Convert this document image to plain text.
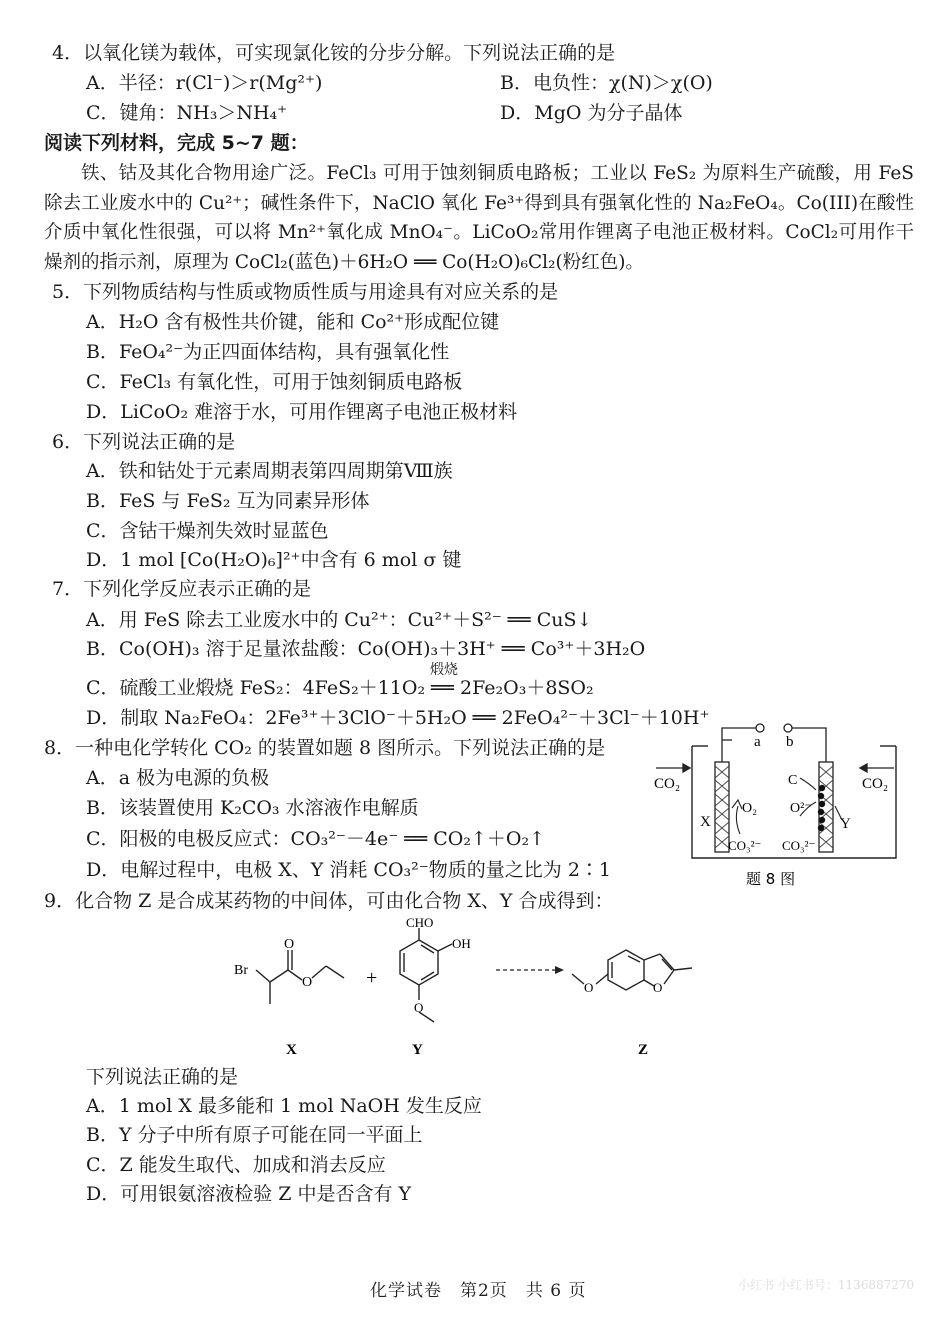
4．以氧化镁为载体，可实现氯化铵的分步分解。下列说法正确的是
A．半径：r(Cl⁻)＞r(Mg²⁺)	B．电负性：χ(N)＞χ(O)
C．键角：NH₃＞NH₄⁺	D．MgO 为分子晶体
阅读下列材料，完成 5~7 题：

铁、钴及其化合物用途广泛。FeCl₃ 可用于蚀刻铜质电路板；工业以 FeS₂ 为原料生产硫酸，用 FeS 除去工业废水中的 Cu²⁺；碱性条件下，NaClO 氧化 Fe³⁺得到具有强氧化性的 Na₂FeO₄。Co(III)在酸性介质中氧化性很强，可以将 Mn²⁺氧化成 MnO₄⁻。LiCoO₂常用作锂离子电池正极材料。CoCl₂可用作干燥剂的指示剂，原理为 CoCl₂(蓝色)＋6H₂O ══ Co(H₂O)₆Cl₂(粉红色)。

5．下列物质结构与性质或物质性质与用途具有对应关系的是
A．H₂O 含有极性共价键，能和 Co²⁺形成配位键
B．FeO₄²⁻为正四面体结构，具有强氧化性
C．FeCl₃ 有氧化性，可用于蚀刻铜质电路板
D．LiCoO₂ 难溶于水，可用作锂离子电池正极材料
6．下列说法正确的是
A．铁和钴处于元素周期表第四周期第Ⅷ族
B．FeS 与 FeS₂ 互为同素异形体
C．含钴干燥剂失效时显蓝色
D．1 mol [Co(H₂O)₆]²⁺中含有 6 mol σ 键
7．下列化学反应表示正确的是
A．用 FeS 除去工业废水中的 Cu²⁺：Cu²⁺＋S²⁻ ══ CuS↓
B．Co(OH)₃ 溶于足量浓盐酸：Co(OH)₃＋3H⁺ ══ Co³⁺＋3H₂O
C．硫酸工业煅烧 FeS₂：4FeS₂＋11O₂ ══ 2Fe₂O₃＋8SO₂
煅烧
D．制取 Na₂FeO₄：2Fe³⁺＋3ClO⁻＋5H₂O ══ 2FeO₄²⁻＋3Cl⁻＋10H⁺
8．一种电化学转化 CO₂ 的装置如题 8 图所示。下列说法正确的是
A．a 极为电源的负极
B．该装置使用 K₂CO₃ 水溶液作电解质
C．阳极的电极反应式：CO₃²⁻－4e⁻ ══ CO₂↑＋O₂↑
D．电解过程中，电极 X、Y 消耗 CO₃²⁻物质的量之比为 2∶1
a b
CO₂	CO₂
X	Y
O₂ O²⁻
C
CO₃²⁻ CO₃²⁻
题 8 图
9．化合物 Z 是合成某药物的中间体，可由化合物 X、Y 合成得到：
Br
O
O
X
+
CHO
OH
O
Y
O	O
Z
下列说法正确的是
A．1 mol X 最多能和 1 mol NaOH 发生反应
B．Y 分子中所有原子可能在同一平面上
C．Z 能发生取代、加成和消去反应
D．可用银氨溶液检验 Z 中是否含有 Y
化学试卷　第2页　共 6 页	小红书 小红书号：1136887270
